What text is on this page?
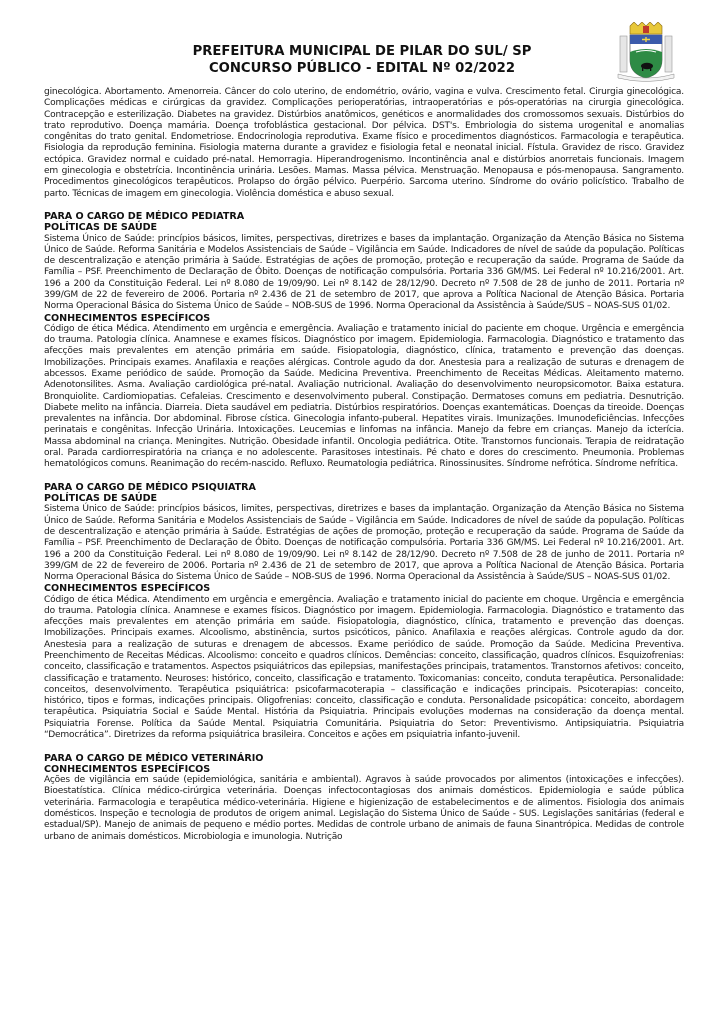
PREFEITURA MUNICIPAL DE PILAR DO SUL/ SP
CONCURSO PÚBLICO - EDITAL Nº 02/2022

ginecológica. Abortamento. Amenorreia. Câncer do colo uterino, de endométrio, ovário, vagina e vulva. Crescimento fetal. Cirurgia ginecológica. Complicações médicas e cirúrgicas da gravidez. Complicações perioperatórias, intraoperatórias e pós-operatórias na cirurgia ginecológica. Contracepção e esterilização. Diabetes na gravidez. Distúrbios anatômicos, genéticos e anormalidades dos cromossomos sexuais. Distúrbios do trato reprodutivo. Doença mamária. Doença trofoblástica gestacional. Dor pélvica. DST's. Embriologia do sistema urogenital e anomalias congênitas do trato genital. Endometriose. Endocrinologia reprodutiva. Exame físico e procedimentos diagnósticos. Farmacologia e terapêutica. Fisiologia da reprodução feminina. Fisiologia materna durante a gravidez e fisiologia fetal e neonatal inicial. Fístula. Gravidez de risco. Gravidez ectópica. Gravidez normal e cuidado pré-natal. Hemorragia. Hiperandrogenismo. Incontinência anal e distúrbios anorretais funcionais. Imagem em ginecologia e obstetrícia. Incontinência urinária. Lesões. Mamas. Massa pélvica. Menstruação. Menopausa e pós-menopausa. Sangramento. Procedimentos ginecológicos terapêuticos. Prolapso do órgão pélvico. Puerpério. Sarcoma uterino. Síndrome do ovário policístico. Trabalho de parto. Técnicas de imagem em ginecologia. Violência doméstica e abuso sexual.

PARA O CARGO DE MÉDICO PEDIATRA

POLÍTICAS DE SAÚDE

Sistema Único de Saúde: princípios básicos, limites, perspectivas, diretrizes e bases da implantação. Organização da Atenção Básica no Sistema Único de Saúde. Reforma Sanitária e Modelos Assistenciais de Saúde – Vigilância em Saúde. Indicadores de nível de saúde da população. Políticas de descentralização e atenção primária à Saúde. Estratégias de ações de promoção, proteção e recuperação da saúde. Programa de Saúde da Família – PSF. Preenchimento de Declaração de Óbito. Doenças de notificação compulsória. Portaria 336 GM/MS. Lei Federal nº 10.216/2001. Art. 196 a 200 da Constituição Federal. Lei nº 8.080 de 19/09/90. Lei nº 8.142 de 28/12/90. Decreto nº 7.508 de 28 de junho de 2011. Portaria nº 399/GM de 22 de fevereiro de 2006. Portaria nº 2.436 de 21 de setembro de 2017, que aprova a Política Nacional de Atenção Básica. Portaria Norma Operacional Básica do Sistema Único de Saúde – NOB-SUS de 1996. Norma Operacional da Assistência à Saúde/SUS – NOAS-SUS 01/02.

CONHECIMENTOS ESPECÍFICOS

Código de ética Médica. Atendimento em urgência e emergência. Avaliação e tratamento inicial do paciente em choque. Urgência e emergência do trauma. Patologia clínica. Anamnese e exames físicos. Diagnóstico por imagem. Epidemiologia. Farmacologia. Diagnóstico e tratamento das afecções mais prevalentes em atenção primária em saúde. Fisiopatologia, diagnóstico, clínica, tratamento e prevenção das doenças. Imobilizações. Principais exames. Anafilaxia e reações alérgicas. Controle agudo da dor. Anestesia para a realização de suturas e drenagem de abcessos. Exame periódico de saúde. Promoção da Saúde. Medicina Preventiva. Preenchimento de Receitas Médicas. Aleitamento materno. Adenotonsilites. Asma. Avaliação cardiológica pré-natal. Avaliação nutricional. Avaliação do desenvolvimento neuropsicomotor. Baixa estatura. Bronquiolite. Cardiomiopatias. Cefaleias. Crescimento e desenvolvimento puberal. Constipação. Dermatoses comuns em pediatria. Desnutrição. Diabete melito na infância. Diarreia. Dieta saudável em pediatria. Distúrbios respiratórios. Doenças exantemáticas. Doenças da tireoide. Doenças prevalentes na infância. Dor abdominal. Fibrose cística. Ginecologia infanto-puberal. Hepatites virais. Imunizações. Imunodeficiências. Infecções perinatais e congênitas. Infecção Urinária. Intoxicações. Leucemias e linfomas na infância. Manejo da febre em crianças. Manejo da icterícia. Massa abdominal na criança. Meningites. Nutrição. Obesidade infantil. Oncologia pediátrica. Otite. Transtornos funcionais. Terapia de reidratação oral. Parada cardiorrespiratória na criança e no adolescente. Parasitoses intestinais. Pé chato e dores do crescimento. Pneumonia. Problemas hematológicos comuns. Reanimação do recém-nascido. Refluxo. Reumatologia pediátrica. Rinossinusites. Síndrome nefrótica. Síndrome nefrítica.

PARA O CARGO DE MÉDICO PSIQUIATRA

POLÍTICAS DE SAÚDE

Sistema Único de Saúde: princípios básicos, limites, perspectivas, diretrizes e bases da implantação. Organização da Atenção Básica no Sistema Único de Saúde. Reforma Sanitária e Modelos Assistenciais de Saúde – Vigilância em Saúde. Indicadores de nível de saúde da população. Políticas de descentralização e atenção primária à Saúde. Estratégias de ações de promoção, proteção e recuperação da saúde. Programa de Saúde da Família – PSF. Preenchimento de Declaração de Óbito. Doenças de notificação compulsória. Portaria 336 GM/MS. Lei Federal nº 10.216/2001. Art. 196 a 200 da Constituição Federal. Lei nº 8.080 de 19/09/90. Lei nº 8.142 de 28/12/90. Decreto nº 7.508 de 28 de junho de 2011. Portaria nº 399/GM de 22 de fevereiro de 2006. Portaria nº 2.436 de 21 de setembro de 2017, que aprova a Política Nacional de Atenção Básica. Portaria Norma Operacional Básica do Sistema Único de Saúde – NOB-SUS de 1996. Norma Operacional da Assistência à Saúde/SUS – NOAS-SUS 01/02.

CONHECIMENTOS ESPECÍFICOS

Código de ética Médica. Atendimento em urgência e emergência. Avaliação e tratamento inicial do paciente em choque. Urgência e emergência do trauma. Patologia clínica. Anamnese e exames físicos. Diagnóstico por imagem. Epidemiologia. Farmacologia. Diagnóstico e tratamento das afecções mais prevalentes em atenção primária em saúde. Fisiopatologia, diagnóstico, clínica, tratamento e prevenção das doenças. Imobilizações. Principais exames. Alcoolismo, abstinência, surtos psicóticos, pânico. Anafilaxia e reações alérgicas. Controle agudo da dor. Anestesia para a realização de suturas e drenagem de abcessos. Exame periódico de saúde. Promoção da Saúde. Medicina Preventiva. Preenchimento de Receitas Médicas. Alcoolismo: conceito e quadros clínicos. Demências: conceito, classificação, quadros clínicos. Esquizofrenias: conceito, classificação e tratamentos. Aspectos psiquiátricos das epilepsias, manifestações principais, tratamentos. Transtornos afetivos: conceito, classificação e tratamento. Neuroses: histórico, conceito, classificação e tratamento. Toxicomanias: conceito, conduta terapêutica. Personalidade: conceitos, desenvolvimento. Terapêutica psiquiátrica: psicofarmacoterapia – classificação e indicações principais. Psicoterapias: conceito, histórico, tipos e formas, indicações principais. Oligofrenias: conceito, classificação e conduta. Personalidade psicopática: conceito, abordagem terapêutica. Psiquiatria Social e Saúde Mental. História da Psiquiatria. Principais evoluções modernas na consideração da doença mental. Psiquiatria Forense. Política da Saúde Mental. Psiquiatria Comunitária. Psiquiatria do Setor: Preventivismo. Antipsiquiatria. Psiquiatria “Democrática”. Diretrizes da reforma psiquiátrica brasileira. Conceitos e ações em psiquiatria infanto-juvenil.

PARA O CARGO DE MÉDICO VETERINÁRIO

CONHECIMENTOS ESPECÍFICOS

Ações de vigilância em saúde (epidemiológica, sanitária e ambiental). Agravos à saúde provocados por alimentos (intoxicações e infecções). Bioestatística. Clínica médico-cirúrgica veterinária. Doenças infectocontagiosas dos animais domésticos. Epidemiologia e saúde pública veterinária. Farmacologia e terapêutica médico-veterinária. Higiene e higienização de estabelecimentos e de alimentos. Fisiologia dos animais domésticos. Inspeção e tecnologia de produtos de origem animal. Legislação do Sistema Único de Saúde - SUS. Legislações sanitárias (federal e estadual/SP). Manejo de animais de pequeno e médio portes. Medidas de controle urbano de animais de fauna Sinantrópica. Medidas de controle urbano de animais domésticos. Microbiologia e imunologia. Nutrição
